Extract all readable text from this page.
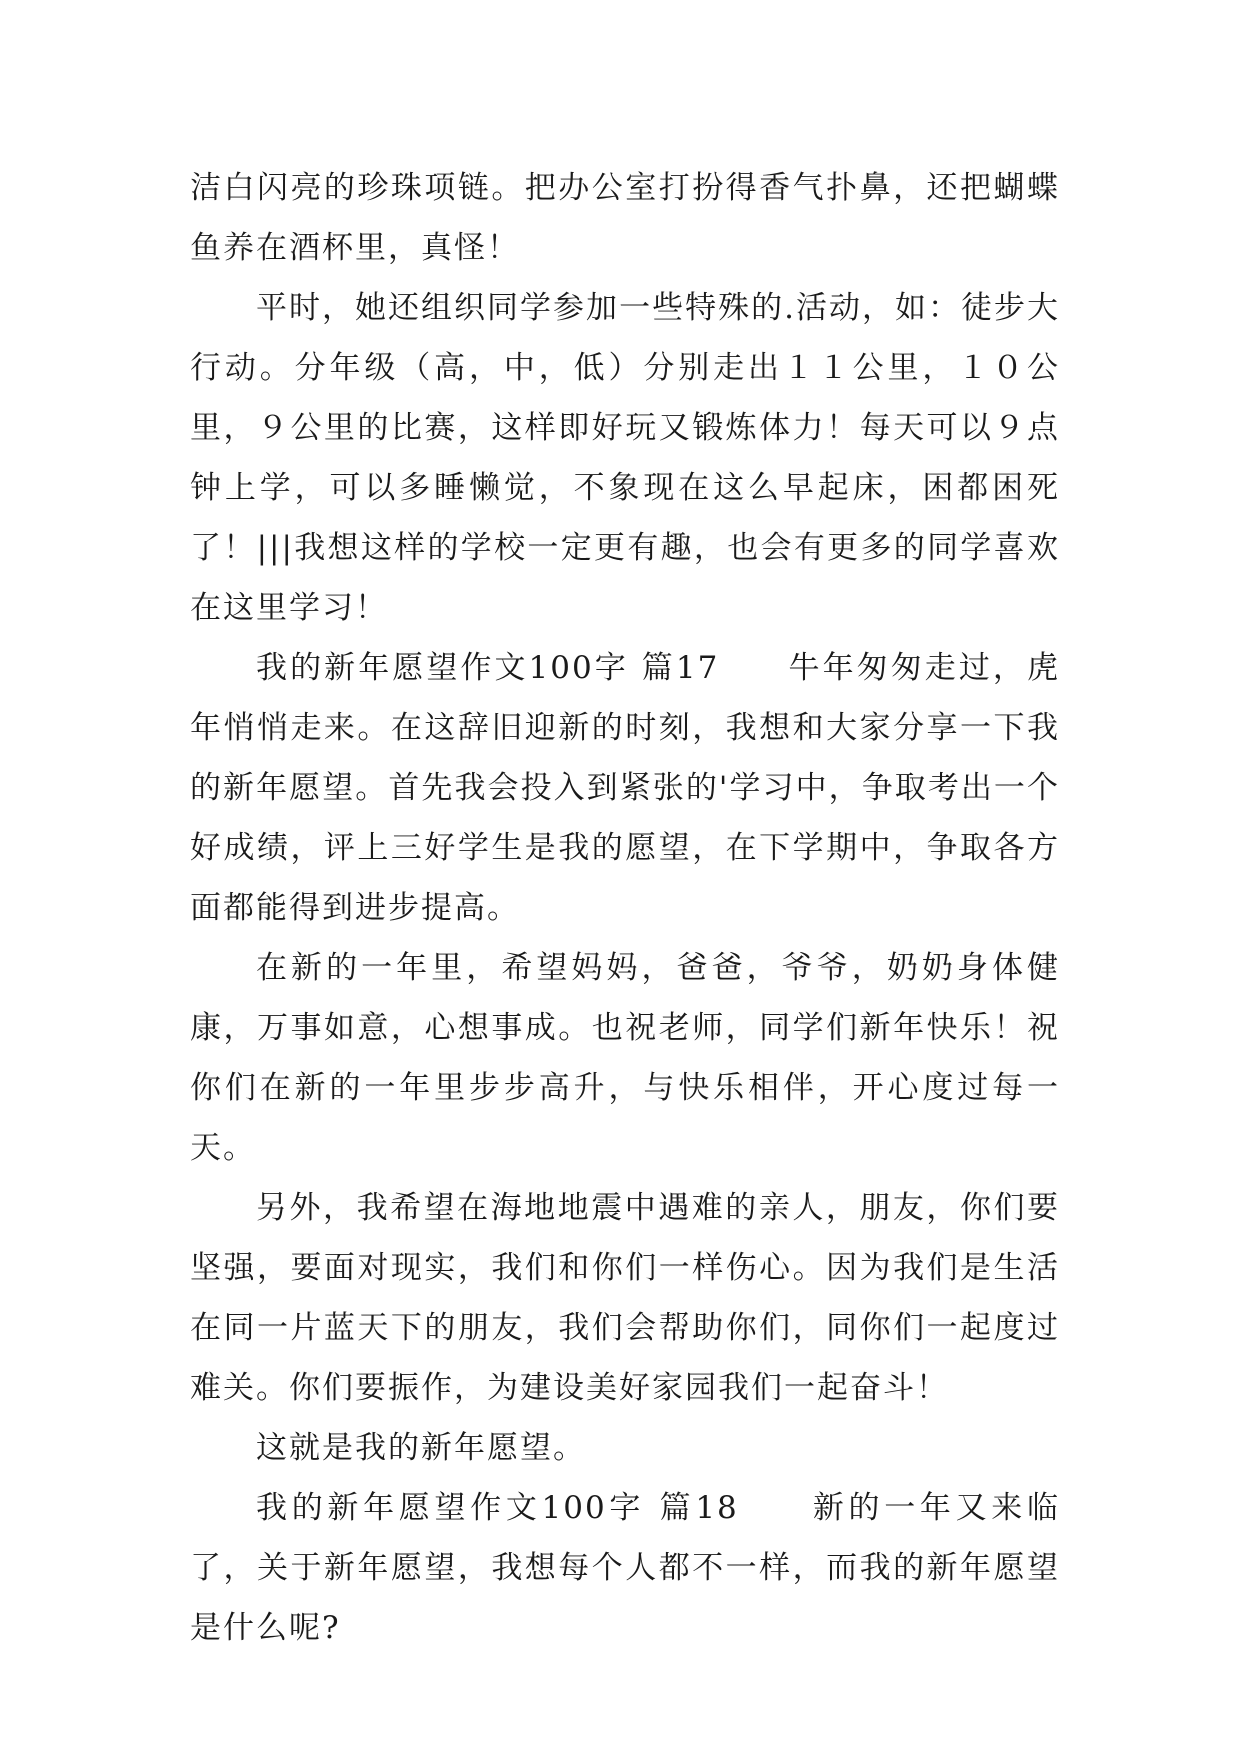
洁白闪亮的珍珠项链。把办公室打扮得香气扑鼻，还把蝴蝶鱼养在酒杯里，真怪！

平时，她还组织同学参加一些特殊的.活动，如：徒步大行动。分年级（高，中，低）分别走出１１公里，１０公里，９公里的比赛，这样即好玩又锻炼体力！每天可以９点钟上学，可以多睡懒觉，不象现在这么早起床，困都困死了！|||我想这样的学校一定更有趣，也会有更多的同学喜欢在这里学习！

我的新年愿望作文100字 篇17　　牛年匆匆走过，虎年悄悄走来。在这辞旧迎新的时刻，我想和大家分享一下我的新年愿望。首先我会投入到紧张的'学习中，争取考出一个好成绩，评上三好学生是我的愿望，在下学期中，争取各方面都能得到进步提高。

在新的一年里，希望妈妈，爸爸，爷爷，奶奶身体健康，万事如意，心想事成。也祝老师，同学们新年快乐！祝你们在新的一年里步步高升，与快乐相伴，开心度过每一天。

另外，我希望在海地地震中遇难的亲人，朋友，你们要坚强，要面对现实，我们和你们一样伤心。因为我们是生活在同一片蓝天下的朋友，我们会帮助你们，同你们一起度过难关。你们要振作，为建设美好家园我们一起奋斗！

这就是我的新年愿望。

我的新年愿望作文100字 篇18　　新的一年又来临了，关于新年愿望，我想每个人都不一样，而我的新年愿望是什么呢?
